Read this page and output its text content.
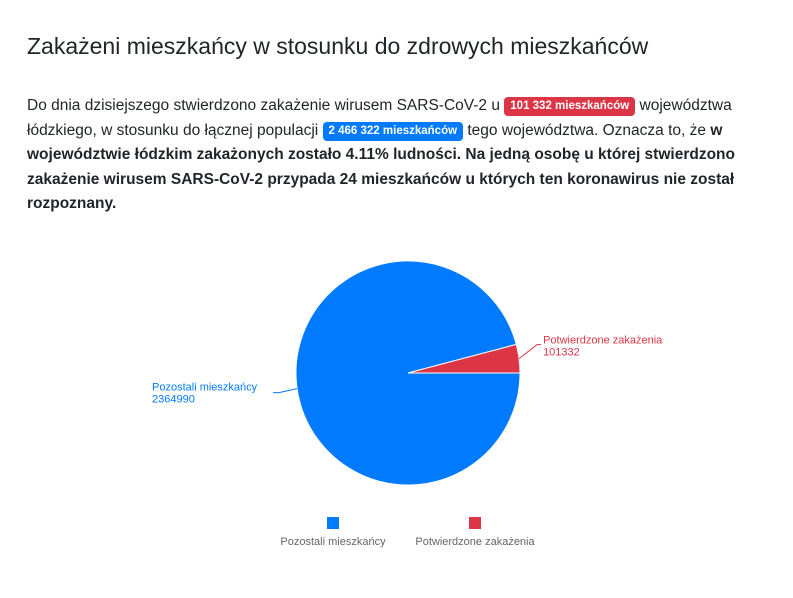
Zakażeni mieszkańcy w stosunku do zdrowych mieszkańców

Do dnia dzisiejszego stwierdzono zakażenie wirusem SARS-CoV-2 u 101 332 mieszkańców województwa łódzkiego, w stosunku do łącznej populacji 2 466 322 mieszkańców tego województwa. Oznacza to, że w województwie łódzkim zakażonych zostało 4.11% ludności. Na jedną osobę u której stwierdzono zakażenie wirusem SARS-CoV-2 przypada 24 mieszkańców u których ten koronawirus nie został rozpoznany.

Potwierdzone zakażenia
101332
Pozostali mieszkańcy
2364990
Pozostali mieszkańcy	Potwierdzone zakażenia
